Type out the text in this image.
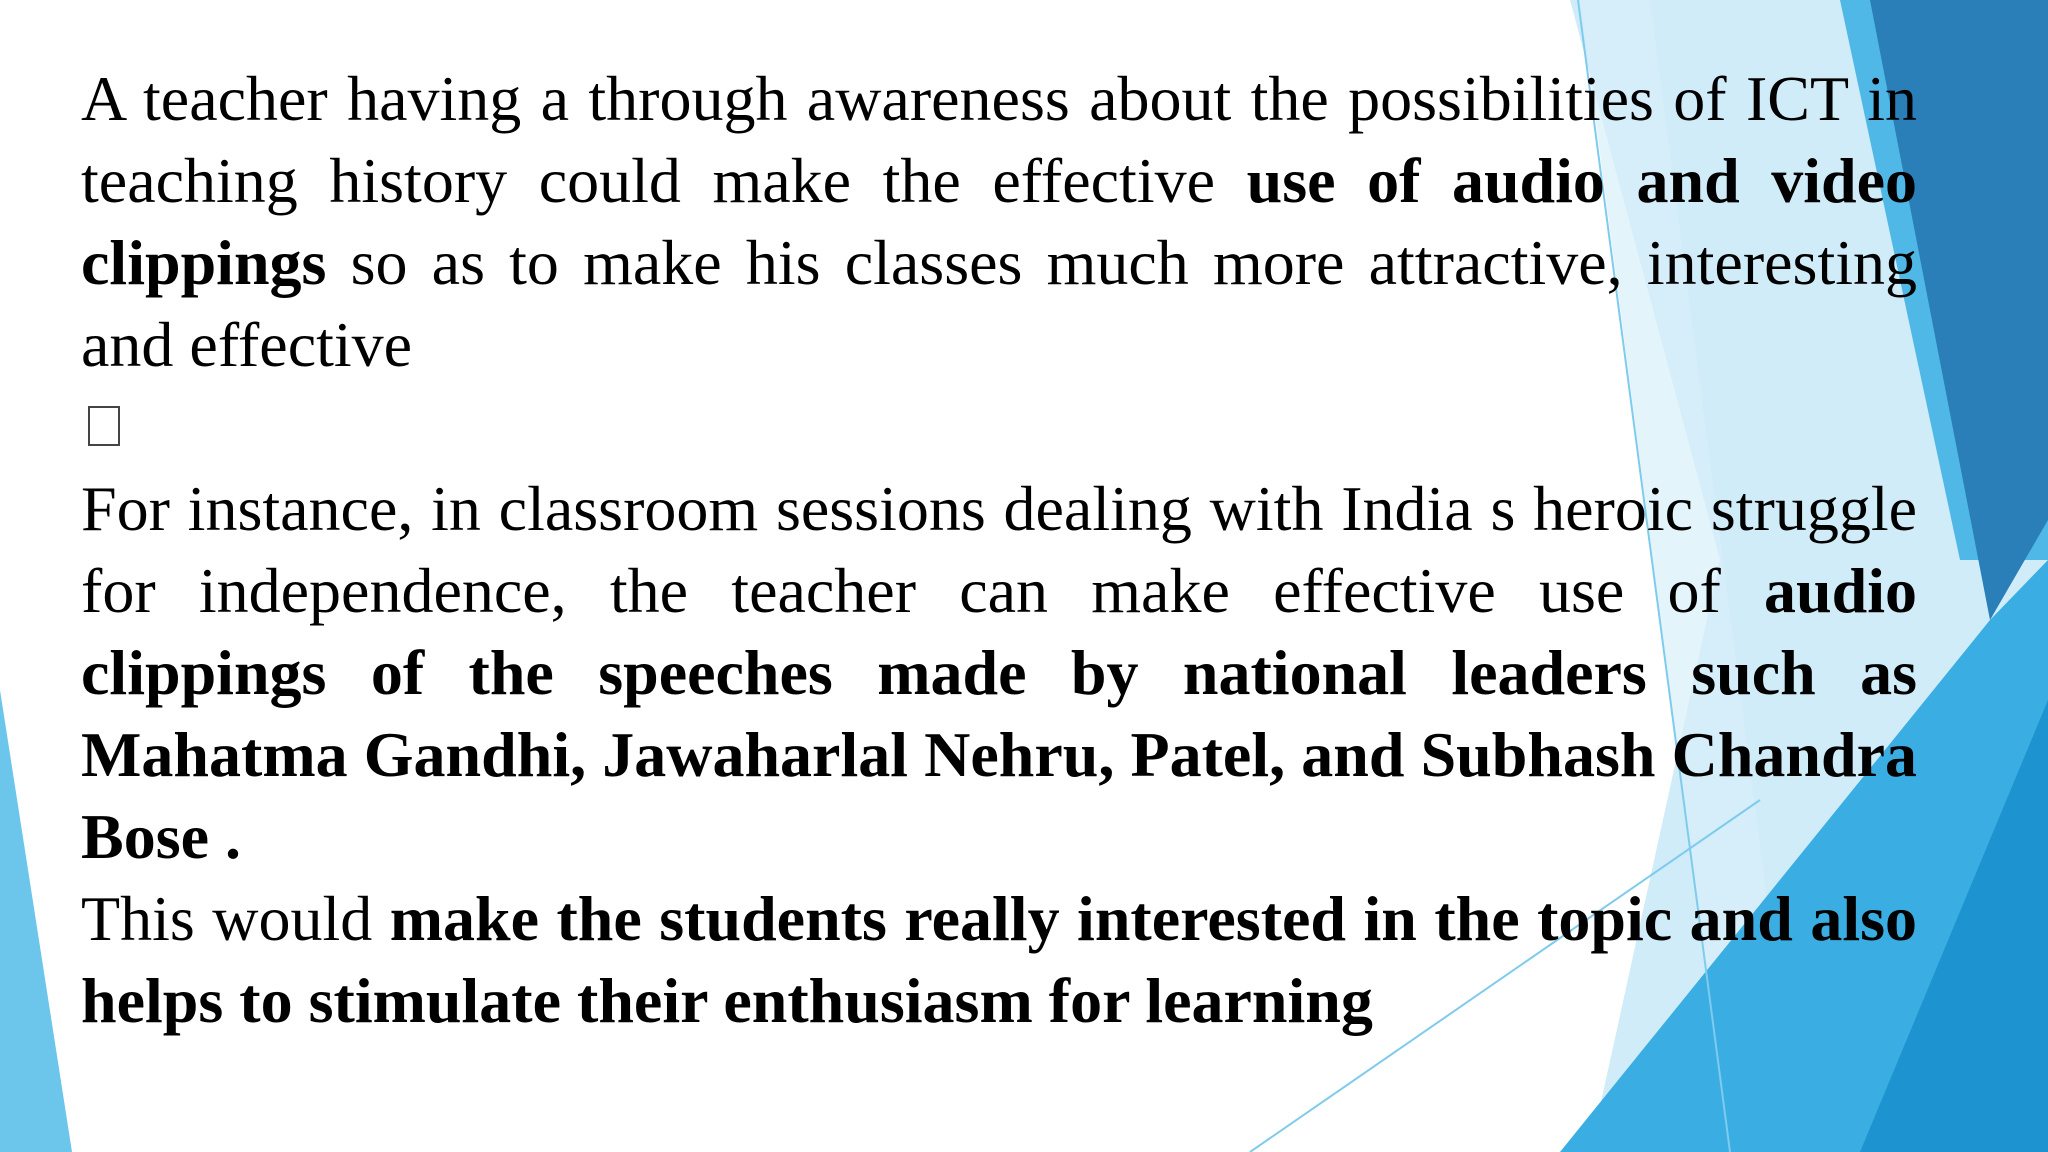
A teacher having a through awareness about the possibilities of ICT in teaching history could make the effective use of audio and video clippings so as to make his classes much more attractive, interesting and effective

For instance, in classroom sessions dealing with India s heroic struggle for independence, the teacher can make effective use of audio clippings of the speeches made by national leaders such as Mahatma Gandhi, Jawaharlal Nehru, Patel, and Subhash Chandra Bose .

This would make the students really interested in the topic and also helps to stimulate their enthusiasm for learning
